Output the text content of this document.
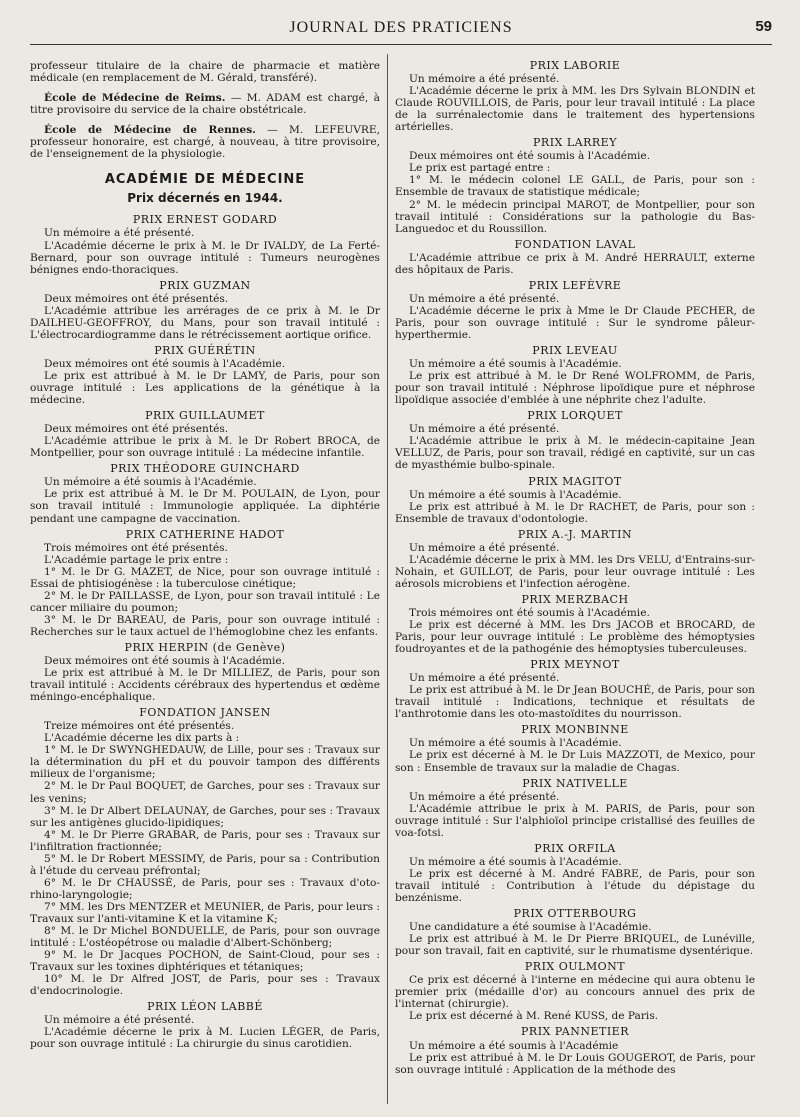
JOURNAL DES PRATICIENS	59

professeur titulaire de la chaire de pharmacie et matière médicale (en remplacement de M. Gérald, transféré).

École de Médecine de Reims. — M. ADAM est chargé, à titre provisoire du service de la chaire obstétricale.

École de Médecine de Rennes. — M. LEFEUVRE, professeur honoraire, est chargé, à nouveau, à titre provisoire, de l'enseignement de la physiologie.

ACADÉMIE DE MÉDECINE
Prix décernés en 1944.
PRIX ERNEST GODARD

Un mémoire a été présenté.

L'Académie décerne le prix à M. le Dr IVALDY, de La Ferté-Bernard, pour son ouvrage intitulé : Tumeurs neurogènes bénignes endo-thoraciques.

PRIX GUZMAN

Deux mémoires ont été présentés.

L'Académie attribue les arrérages de ce prix à M. le Dr DAILHEU-GEOFFROY, du Mans, pour son travail intitulé : L'électrocardiogramme dans le rétrécissement aortique orifice.

PRIX GUÉRÉTIN

Deux mémoires ont été soumis à l'Académie.

Le prix est attribué à M. le Dr LAMY, de Paris, pour son ouvrage intitulé : Les applications de la génétique à la médecine.

PRIX GUILLAUMET

Deux mémoires ont été présentés.

L'Académie attribue le prix à M. le Dr Robert BROCA, de Montpellier, pour son ouvrage intitulé : La médecine infantile.

PRIX THÉODORE GUINCHARD

Un mémoire a été soumis à l'Académie.

Le prix est attribué à M. le Dr M. POULAIN, de Lyon, pour son travail intitulé : Immunologie appliquée. La diphtérie pendant une campagne de vaccination.

PRIX CATHERINE HADOT

Trois mémoires ont été présentés.

L'Académie partage le prix entre :

1° M. le Dr G. MAZET, de Nice, pour son ouvrage intitulé : Essai de phtisiogénèse : la tuberculose cinétique;

2° M. le Dr PAILLASSE, de Lyon, pour son travail intitulé : Le cancer miliaire du poumon;

3° M. le Dr BAREAU, de Paris, pour son ouvrage intitulé : Recherches sur le taux actuel de l'hémoglobine chez les enfants.

PRIX HERPIN (de Genève)

Deux mémoires ont été soumis à l'Académie.

Le prix est attribué à M. le Dr MILLIEZ, de Paris, pour son travail intitulé : Accidents cérébraux des hypertendus et œdème méningo-encéphalique.

FONDATION JANSEN

Treize mémoires ont été présentés.

L'Académie décerne les dix parts à :

1° M. le Dr SWYNGHEDAUW, de Lille, pour ses : Travaux sur la détermination du pH et du pouvoir tampon des différents milieux de l'organisme;

2° M. le Dr Paul BOQUET, de Garches, pour ses : Travaux sur les venins;

3° M. le Dr Albert DELAUNAY, de Garches, pour ses : Travaux sur les antigènes glucido-lipidiques;

4° M. le Dr Pierre GRABAR, de Paris, pour ses : Travaux sur l'infiltration fractionnée;

5° M. le Dr Robert MESSIMY, de Paris, pour sa : Contribution à l'étude du cerveau préfrontal;

6° M. le Dr CHAUSSÉ, de Paris, pour ses : Travaux d'oto-rhino-laryngologie;

7° MM. les Drs MENTZER et MEUNIER, de Paris, pour leurs : Travaux sur l'anti-vitamine K et la vitamine K;

8° M. le Dr Michel BONDUELLE, de Paris, pour son ouvrage intitulé : L'ostéopétrose ou maladie d'Albert-Schönberg;

9° M. le Dr Jacques POCHON, de Saint-Cloud, pour ses : Travaux sur les toxines diphtériques et tétaniques;

10° M. le Dr Alfred JOST, de Paris, pour ses : Travaux d'endocrinologie.

PRIX LÉON LABBÉ

Un mémoire a été présenté.

L'Académie décerne le prix à M. Lucien LÉGER, de Paris, pour son ouvrage intitulé : La chirurgie du sinus carotidien.

PRIX LABORIE

Un mémoire a été présenté.

L'Académie décerne le prix à MM. les Drs Sylvain BLONDIN et Claude ROUVILLOIS, de Paris, pour leur travail intitulé : La place de la surrénalectomie dans le traitement des hypertensions artérielles.

PRIX LARREY

Deux mémoires ont été soumis à l'Académie.

Le prix est partagé entre :

1° M. le médecin colonel LE GALL, de Paris, pour son : Ensemble de travaux de statistique médicale;

2° M. le médecin principal MAROT, de Montpellier, pour son travail intitulé : Considérations sur la pathologie du Bas-Languedoc et du Roussillon.

FONDATION LAVAL

L'Académie attribue ce prix à M. André HERRAULT, externe des hôpitaux de Paris.

PRIX LEFÈVRE

Un mémoire a été présenté.

L'Académie décerne le prix à Mme le Dr Claude PECHER, de Paris, pour son ouvrage intitulé : Sur le syndrome pâleur-hyperthermie.

PRIX LEVEAU

Un mémoire a été soumis à l'Académie.

Le prix est attribué à M. le Dr René WOLFROMM, de Paris, pour son travail intitulé : Néphrose lipoïdique pure et néphrose lipoïdique associée d'emblée à une néphrite chez l'adulte.

PRIX LORQUET

Un mémoire a été présenté.

L'Académie attribue le prix à M. le médecin-capitaine Jean VELLUZ, de Paris, pour son travail, rédigé en captivité, sur un cas de myasthémie bulbo-spinale.

PRIX MAGITOT

Un mémoire a été soumis à l'Académie.

Le prix est attribué à M. le Dr RACHET, de Paris, pour son : Ensemble de travaux d'odontologie.

PRIX A.-J. MARTIN

Un mémoire a été présenté.

L'Académie décerne le prix à MM. les Drs VELU, d'Entrains-sur-Nohain, et GUILLOT, de Paris, pour leur ouvrage intitulé : Les aérosols microbiens et l'infection aérogène.

PRIX MERZBACH

Trois mémoires ont été soumis à l'Académie.

Le prix est décerné à MM. les Drs JACOB et BROCARD, de Paris, pour leur ouvrage intitulé : Le problème des hémoptysies foudroyantes et de la pathogénie des hémoptysies tuberculeuses.

PRIX MEYNOT

Un mémoire a été présenté.

Le prix est attribué à M. le Dr Jean BOUCHÉ, de Paris, pour son travail intitulé : Indications, technique et résultats de l'anthrotomie dans les oto-mastoïdites du nourrisson.

PRIX MONBINNE

Un mémoire a été soumis à l'Académie.

Le prix est décerné à M. le Dr Luis MAZZOTI, de Mexico, pour son : Ensemble de travaux sur la maladie de Chagas.

PRIX NATIVELLE

Un mémoire a été présenté.

L'Académie attribue le prix à M. PARIS, de Paris, pour son ouvrage intitulé : Sur l'alphioïol principe cristallisé des feuilles de voa-fotsi.

PRIX ORFILA

Un mémoire a été soumis à l'Académie.

Le prix est décerné à M. André FABRE, de Paris, pour son travail intitulé : Contribution à l'étude du dépistage du benzénisme.

PRIX OTTERBOURG

Une candidature a été soumise à l'Académie.

Le prix est attribué à M. le Dr Pierre BRIQUEL, de Lunéville, pour son travail, fait en captivité, sur le rhumatisme dysentérique.

PRIX OULMONT

Ce prix est décerné à l'interne en médecine qui aura obtenu le premier prix (médaille d'or) au concours annuel des prix de l'internat (chirurgie).

Le prix est décerné à M. René KUSS, de Paris.

PRIX PANNETIER

Un mémoire a été soumis à l'Académie

Le prix est attribué à M. le Dr Louis GOUGEROT, de Paris, pour son ouvrage intitulé : Application de la méthode des
